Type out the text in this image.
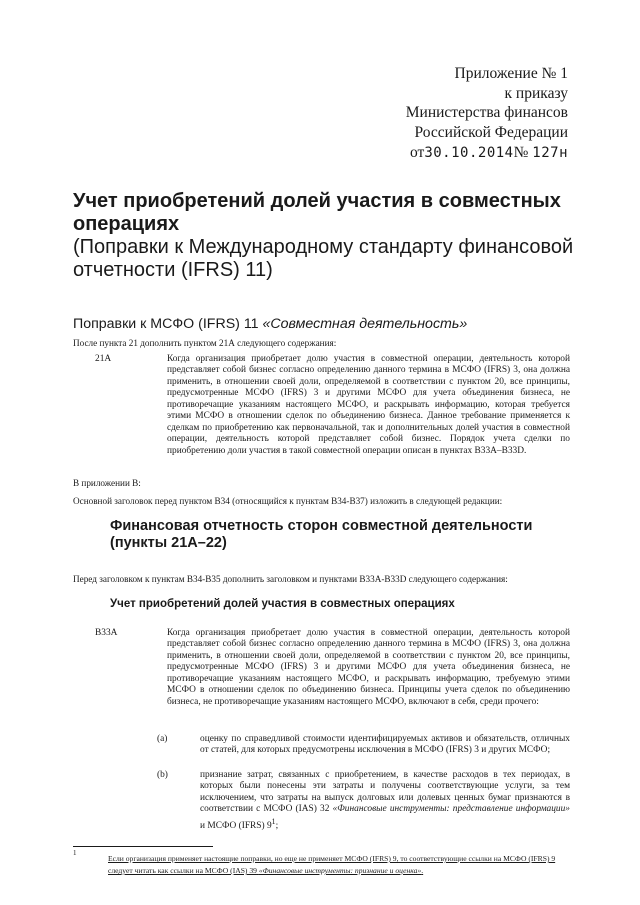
Приложение № 1
к приказу
Министерства финансов
Российской Федерации
от30.10.2014№ 127н
Учет приобретений долей участия в совместных операциях
(Поправки к Международному стандарту финансовой отчетности (IFRS) 11)
Поправки к МСФО (IFRS) 11 «Совместная деятельность»
После пункта 21 дополнить пунктом 21А следующего содержания:
21A	Когда организация приобретает долю участия в совместной операции, деятельность которой представляет собой бизнес согласно определению данного термина в МСФО (IFRS) 3, она должна применить, в отношении своей доли, определяемой в соответствии с пунктом 20, все принципы, предусмотренные МСФО (IFRS) 3 и другими МСФО для учета объединения бизнеса, не противоречащие указаниям настоящего МСФО, и раскрывать информацию, которая требуется этими МСФО в отношении сделок по объединению бизнеса. Данное требование применяется к сделкам по приобретению как первоначальной, так и дополнительных долей участия в совместной операции, деятельность которой представляет собой бизнес. Порядок учета сделки по приобретению доли участия в такой совместной операции описан в пунктах B33A–B33D.
В приложении В:
Основной заголовок перед пунктом В34 (относящийся к пунктам В34-В37) изложить в следующей редакции:
Финансовая отчетность сторон совместной деятельности
(пункты 21А–22)
Перед заголовком к пунктам В34-В35 дополнить заголовком и пунктами В33А-В33D следующего содержания:
Учет приобретений долей участия в совместных операциях
B33A	Когда организация приобретает долю участия в совместной операции, деятельность которой представляет собой бизнес согласно определению данного термина в МСФО (IFRS) 3, она должна применить, в отношении своей доли, определяемой в соответствии с пунктом 20, все принципы, предусмотренные МСФО (IFRS) 3 и другими МСФО для учета объединения бизнеса, не противоречащие указаниям настоящего МСФО, и раскрывать информацию, требуемую этими МСФО в отношении сделок по объединению бизнеса. Принципы учета сделок по объединению бизнеса, не противоречащие указаниям настоящего МСФО, включают в себя, среди прочего:
(a)	оценку по справедливой стоимости идентифицируемых активов и обязательств, отличных от статей, для которых предусмотрены исключения в МСФО (IFRS) 3 и других МСФО;
(b)	признание затрат, связанных с приобретением, в качестве расходов в тех периодах, в которых были понесены эти затраты и получены соответствующие услуги, за тем исключением, что затраты на выпуск долговых или долевых ценных бумаг признаются в соответствии с МСФО (IAS) 32 «Финансовые инструменты: представление информации» и МСФО (IFRS) $9^1$;
1
Если организация применяет настоящие поправки, но еще не применяет МСФО (IFRS) 9, то соответствующие ссылки на МСФО (IFRS) 9 следует читать как ссылки на МСФО (IAS) 39 «Финансовые инструменты: признание и оценка».
